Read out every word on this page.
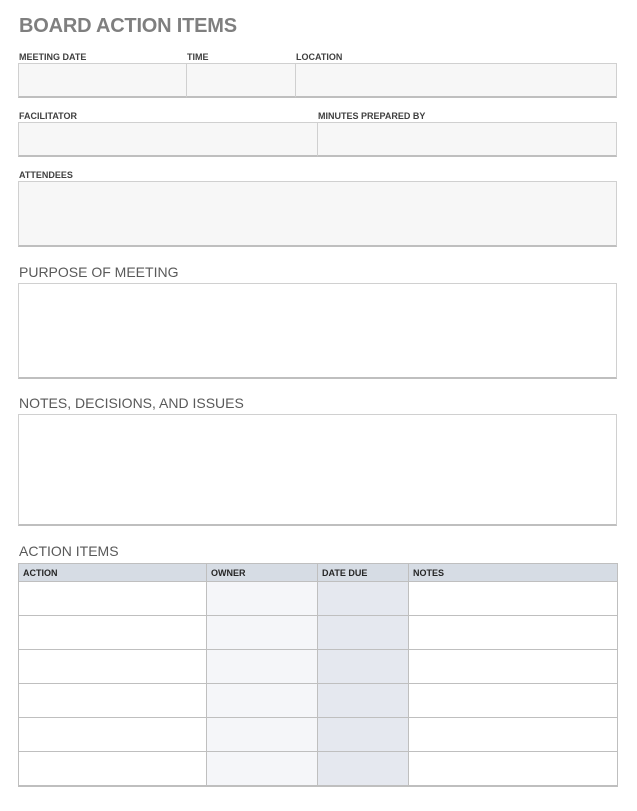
BOARD ACTION ITEMS
MEETING DATE	TIME	LOCATION
FACILITATOR	MINUTES PREPARED BY
ATTENDEES
PURPOSE OF MEETING
NOTES, DECISIONS, AND ISSUES
ACTION ITEMS
ACTION	OWNER	DATE DUE	NOTES
